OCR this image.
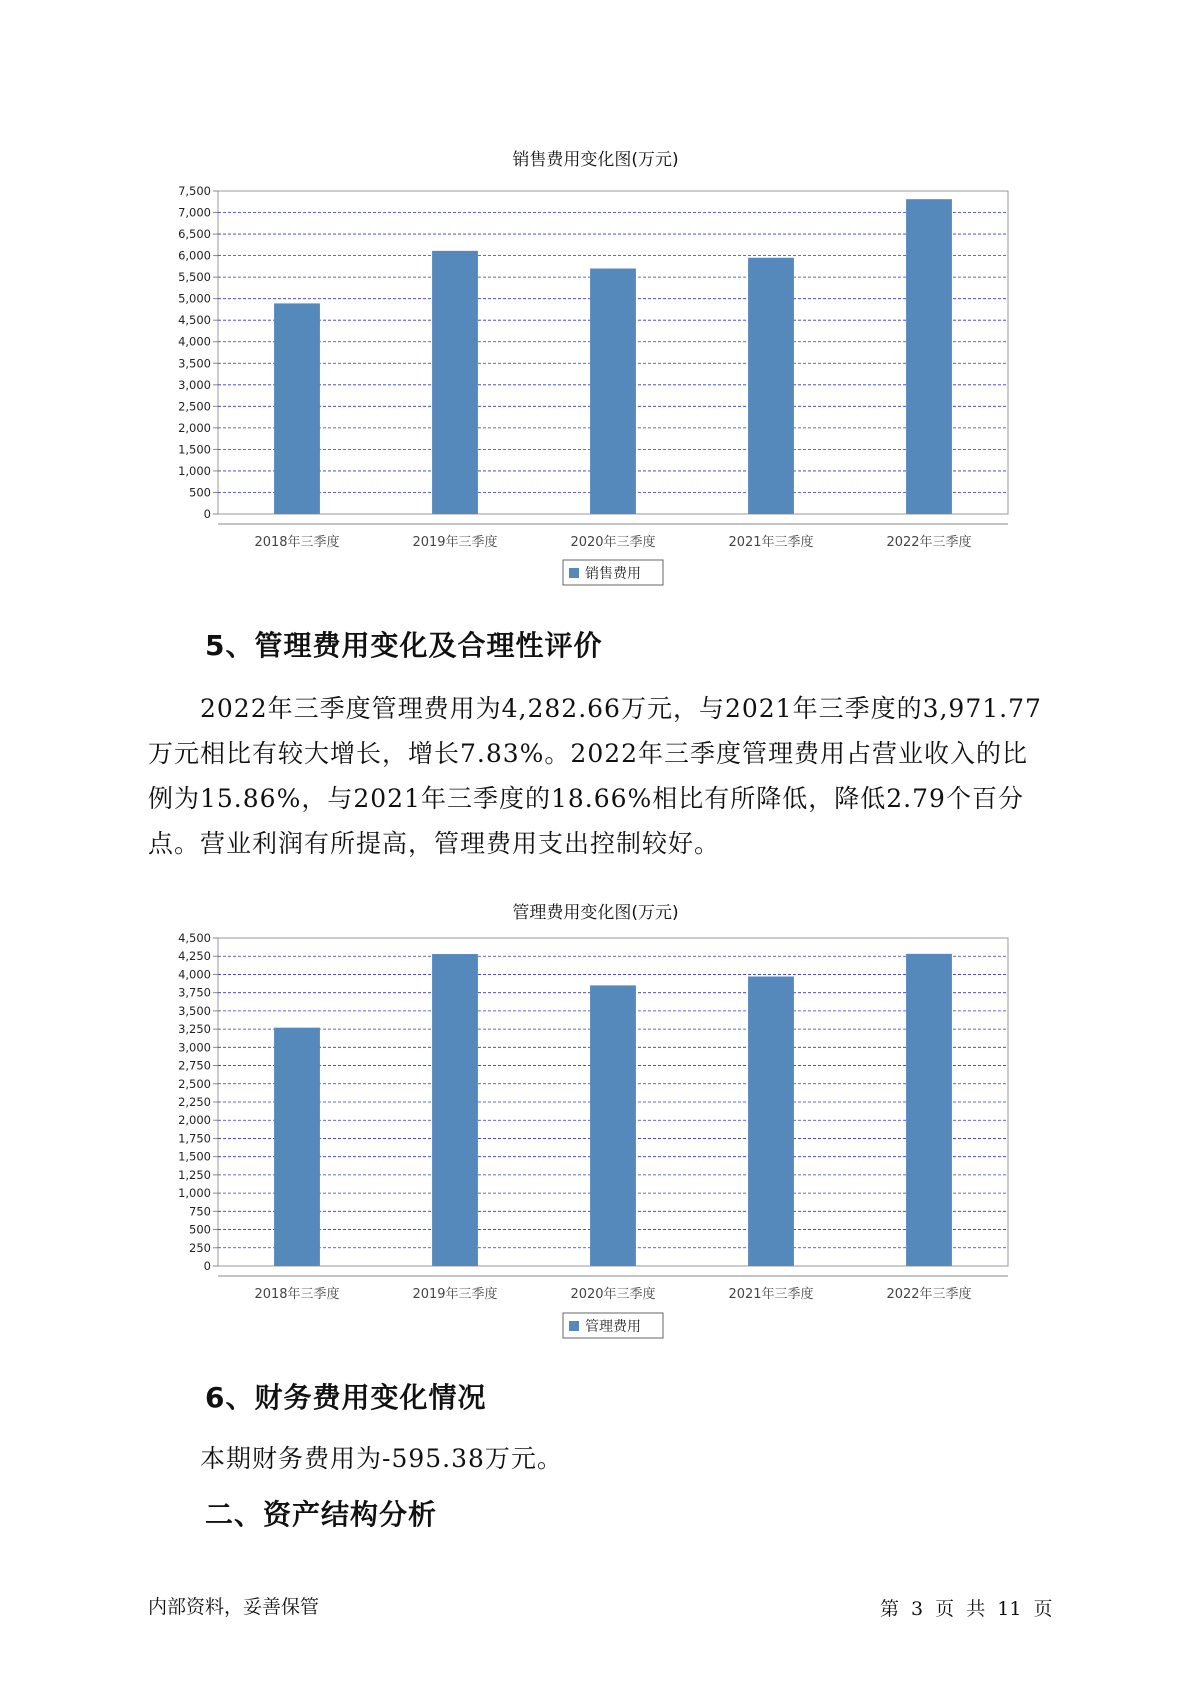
销售费用变化图(万元)
0
500
1,000
1,500
2,000
2,500
3,000
3,500
4,000
4,500
5,000
5,500
6,000
6,500
7,000
7,500
2018年三季度	2019年三季度	2020年三季度	2021年三季度	2022年三季度
销售费用
5、管理费用变化及合理性评价
2022年三季度管理费用为4,282.66万元，与2021年三季度的3,971.77万元相比有较大增长，增长7.83%。2022年三季度管理费用占营业收入的比例为15.86%，与2021年三季度的18.66%相比有所降低，降低2.79个百分点。营业利润有所提高，管理费用支出控制较好。
管理费用变化图(万元)
0
250
500
750
1,000
1,250
1,500
1,750
2,000
2,250
2,500
2,750
3,000
3,250
3,500
3,750
4,000
4,250
4,500
2018年三季度	2019年三季度	2020年三季度	2021年三季度	2022年三季度
管理费用
6、财务费用变化情况
本期财务费用为-595.38万元。
二、资产结构分析
内部资料，妥善保管	第 3 页 共 11 页
